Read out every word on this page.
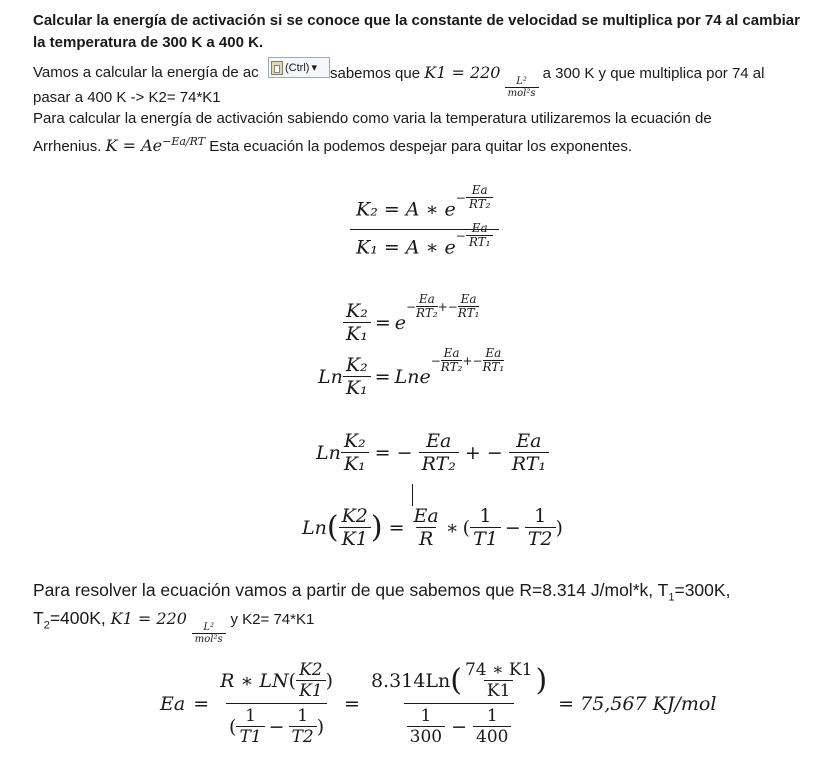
Calcular la energía de activación si se conoce que la constante de velocidad se multiplica por 74 al cambiar
la temperatura de 300 K a 400 K.
Vamos a calcular la energía de ac (Ctrl) ▾ sabemos que K1 = 220
$\frac{\text{L²}}{\text{mol²s}}$
a 300 K y que multiplica por 74 al
pasar a 400 K -> K2= 74*K1
Para calcular la energía de activación sabiendo como varia la temperatura utilizaremos la ecuación de
Arrhenius. $K = Ae^{-Ea/RT}$ Esta ecuación la podemos despejar para quitar los exponentes.
K₂ = A ∗ e−
Ea
RT₂
K₁ = A ∗ e−
Ea
RT₁
$\frac{\text{K₂}}{\text{K₁}} = e$
−
Ea
RT₂ +−
Ea
RT₁
Ln $\frac{\text{K₂}}{\text{K₁}}$ = Lne
−
Ea
RT₂ +−
Ea
RT₁
Ln $\frac{\text{K₂}}{\text{K₁}}$ = − $\frac{Ea}{\text{RT₂}}$ + − $\frac{Ea}{\text{RT₁}}$
Ln ( $\frac{K2}{K1}$ ) = $\frac{Ea}{R}$ ∗ ( $\frac{1}{T1} - \frac{1}{T2}$ )
Para resolver la ecuación vamos a partir de que sabemos que R=8.314 J/mol*k, $T_1=300K$,
$T_2=400K$, K1 = 220
$\frac{\text{L²}}{\text{mol²s}}$
y K2= 74*K1
$Ea = \frac{R ∗ LN ( \frac{K2}{K1} )}{( \frac{1}{T1} - \frac{1}{T2} )} = \frac{8.314Ln ( \frac{74 ∗ K1}{K1} )}{\frac{1}{300} - \frac{1}{400}} = 75,567$ KJ/mol
